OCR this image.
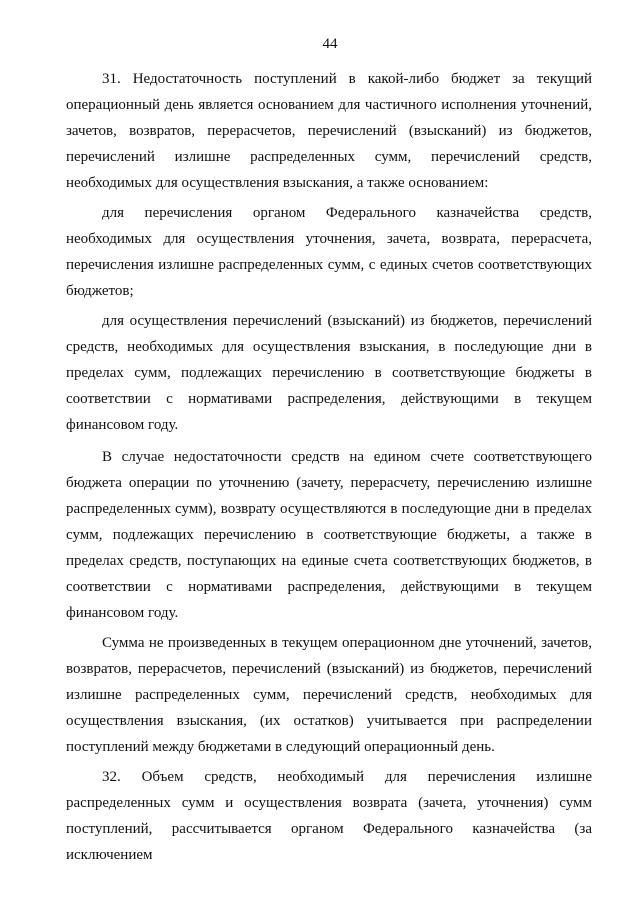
44

31. Недостаточность поступлений в какой-либо бюджет за текущий операционный день является основанием для частичного исполнения уточнений, зачетов, возвратов, перерасчетов, перечислений (взысканий) из бюджетов, перечислений излишне распределенных сумм, перечислений средств, необходимых для осуществления взыскания, а также основанием:

для перечисления органом Федерального казначейства средств, необходимых для осуществления уточнения, зачета, возврата, перерасчета, перечисления излишне распределенных сумм, с единых счетов соответствующих бюджетов;

для осуществления перечислений (взысканий) из бюджетов, перечислений средств, необходимых для осуществления взыскания, в последующие дни в пределах сумм, подлежащих перечислению в соответствующие бюджеты в соответствии с нормативами распределения, действующими в текущем финансовом году.

В случае недостаточности средств на едином счете соответствующего бюджета операции по уточнению (зачету, перерасчету, перечислению излишне распределенных сумм), возврату осуществляются в последующие дни в пределах сумм, подлежащих перечислению в соответствующие бюджеты, а также в пределах средств, поступающих на единые счета соответствующих бюджетов, в соответствии с нормативами распределения, действующими в текущем финансовом году.

Сумма не произведенных в текущем операционном дне уточнений, зачетов, возвратов, перерасчетов, перечислений (взысканий) из бюджетов, перечислений излишне распределенных сумм, перечислений средств, необходимых для осуществления взыскания, (их остатков) учитывается при распределении поступлений между бюджетами в следующий операционный день.

32. Объем средств, необходимый для перечисления излишне распределенных сумм и осуществления возврата (зачета, уточнения) сумм поступлений, рассчитывается органом Федерального казначейства (за исключением
